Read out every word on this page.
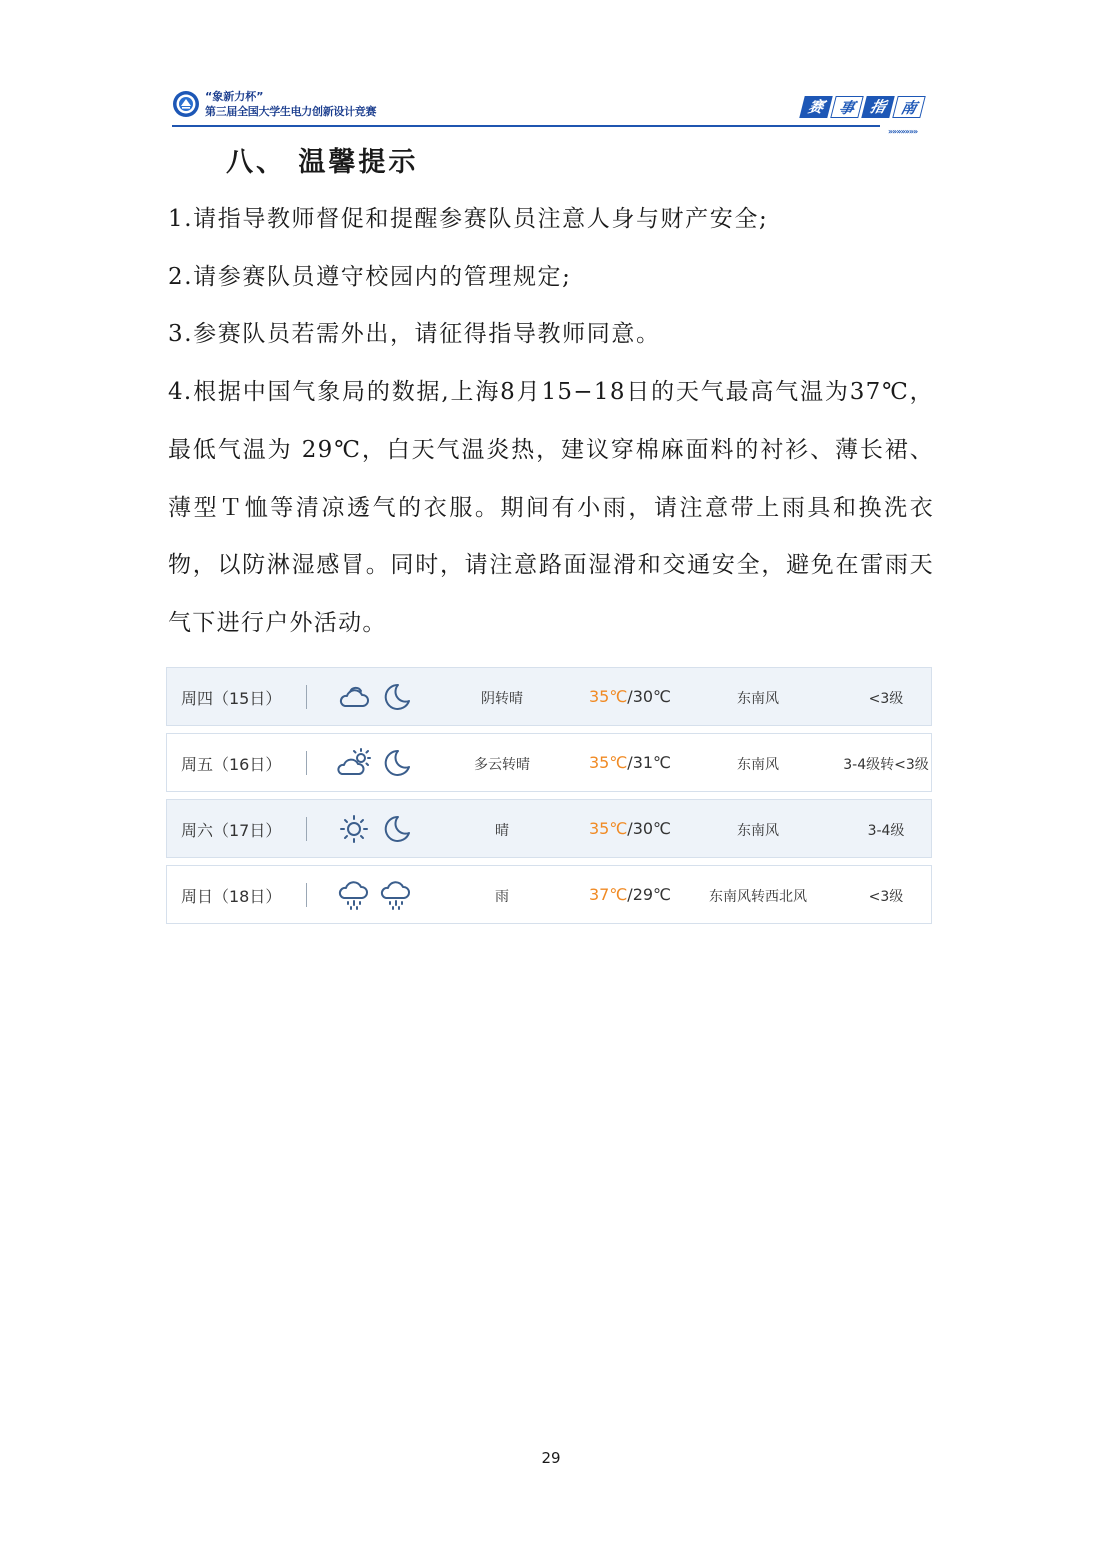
“象新力杯”
第三届全国大学生电力创新设计竞赛	赛 事 指 南
»»»»»»»
八、 温馨提示
1.请指导教师督促和提醒参赛队员注意人身与财产安全;
2.请参赛队员遵守校园内的管理规定;
3.参赛队员若需外出，请征得指导教师同意。
4.根据中国气象局的数据,上海8月15−18日的天气最高气温为37℃，最低气温为 29℃，白天气温炎热，建议穿棉麻面料的衬衫、薄长裙、薄型Ｔ恤等清凉透气的衣服。期间有小雨，请注意带上雨具和换洗衣物，以防淋湿感冒。同时，请注意路面湿滑和交通安全，避免在雷雨天气下进行户外活动。
周四（15日）	阴转晴	35℃/30℃	东南风	<3级
周五（16日）	多云转晴	35℃/31℃	东南风	3-4级转<3级
周六（17日）	晴	35℃/30℃	东南风	3-4级
周日（18日）	雨	37℃/29℃	东南风转西北风	<3级
29
